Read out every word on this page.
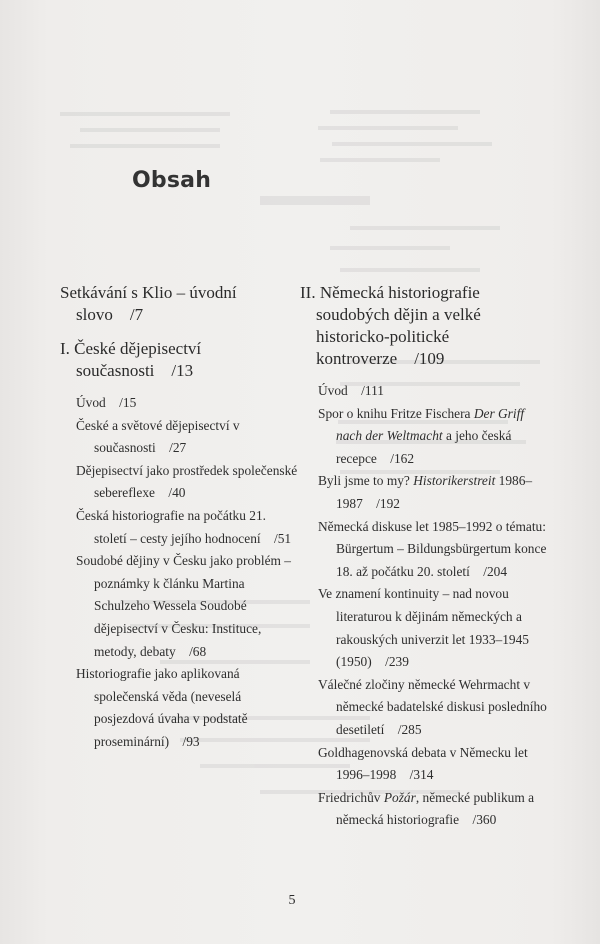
Obsah

Setkávání s Klio – úvodní slovo  /7

I. České dějepisectví současnosti  /13

Úvod  /15

České a světové dějepisectví v současnosti  /27

Dějepisectví jako prostředek společenské sebereflexe  /40

Česká historiografie na počátku 21. století – cesty jejího hodnocení  /51

Soudobé dějiny v Česku jako problém – poznámky k článku Martina Schulzeho Wessela Soudobé dějepisectví v Česku: Instituce, metody, debaty  /68

Historiografie jako aplikovaná společenská věda (neveselá posjezdová úvaha v podstatě proseminární)  /93

II. Německá historiografie soudobých dějin a velké historicko-politické kontroverze  /109

Úvod  /111

Spor o knihu Fritze Fischera Der Griff nach der Weltmacht a jeho česká recepce  /162

Byli jsme to my? Historikerstreit 1986–1987  /192

Německá diskuse let 1985–1992 o tématu: Bürgertum – Bildungsbürgertum konce 18. až počátku 20. století  /204

Ve znamení kontinuity – nad novou literaturou k dějinám německých a rakouských univerzit let 1933–1945 (1950)  /239

Válečné zločiny německé Wehrmacht v německé badatelské diskusi posledního desetiletí  /285

Goldhagenovská debata v Německu let 1996–1998  /314

Friedrichův Požár, německé publikum a německá historiografie  /360

5
